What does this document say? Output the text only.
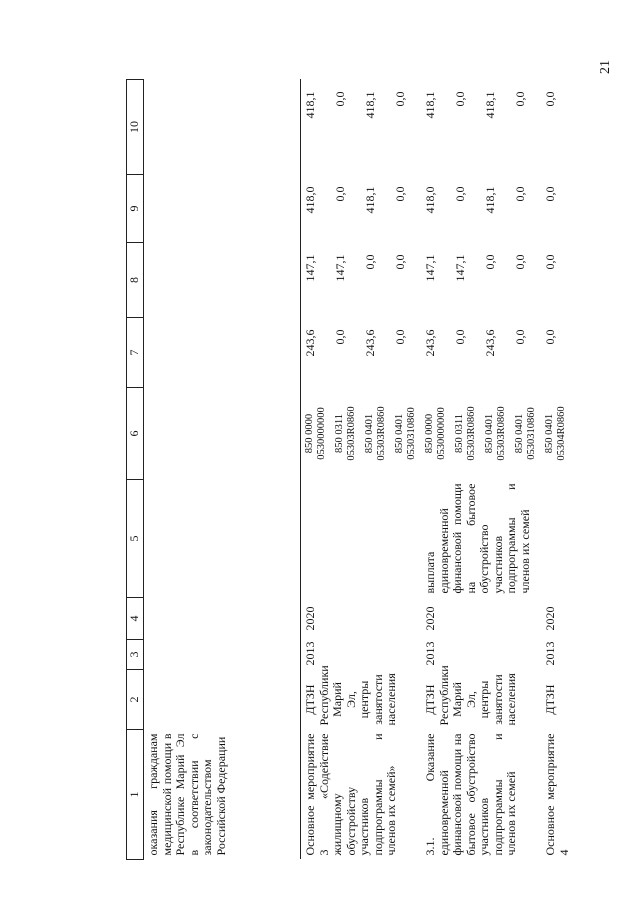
21
1	2	3	4	5	6	7	8	9	10
оказания гражданам медицинской помощи в Республике Марий Эл в соответствии с законодательством Российской Федерации									
Основное мероприятие 3 «Содействие жилищному обустройству участников подпрограммы и членов их семей»	ДТЗН Республики Марий Эл, центры занятости населения	2013	2020		850 0000 0530000000	243,6	147,1	418,0	418,1
					850 0311 05303R0860	0,0	147,1	0,0	0,0
					850 0401 05303R0860	243,6	0,0	418,1	418,1
					850 0401 0530310860	0,0	0,0	0,0	0,0
3.1. Оказание единовременной финансовой помощи на бытовое обустройство участников подпрограммы и членов их семей	ДТЗН Республики Марий Эл, центры занятости населения	2013	2020	выплата единовременной финансовой помощи на бытовое обустройство участников подпрограммы и членов их семей	850 0000 0530000000	243,6	147,1	418,0	418,1
					850 0311 05303R0860	0,0	147,1	0,0	0,0
					850 0401 05303R0860	243,6	0,0	418,1	418,1
					850 0401 0530310860	0,0	0,0	0,0	0,0
Основное мероприятие 4	ДТЗН	2013	2020		850 0401 05304R0860	0,0	0,0	0,0	0,0
